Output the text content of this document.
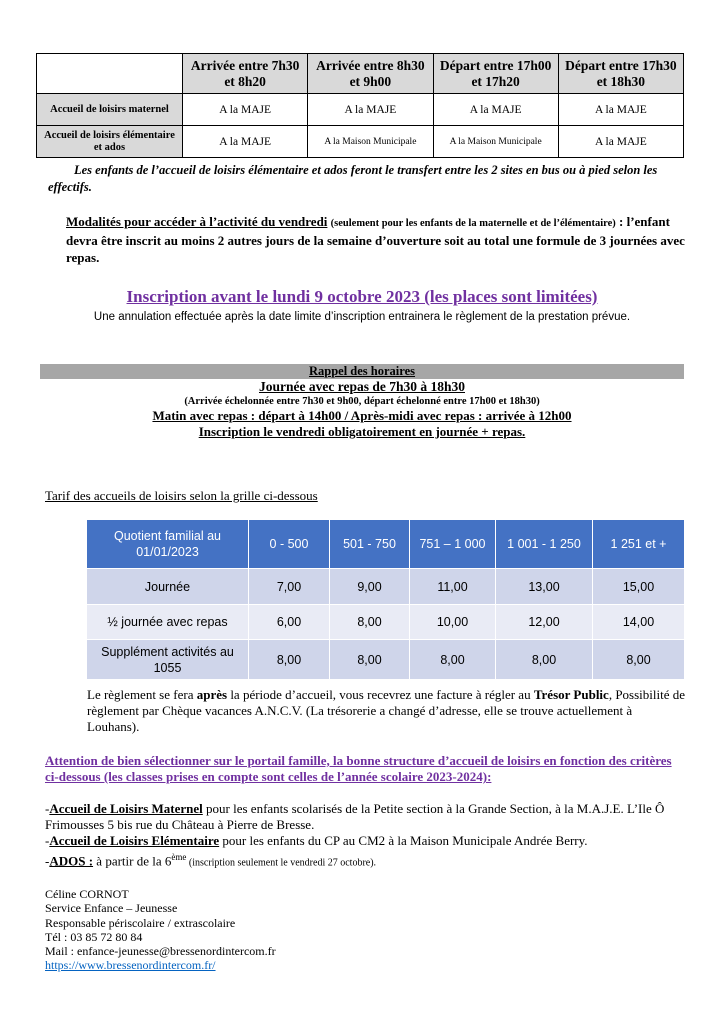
	Arrivée entre 7h30 et 8h20	Arrivée entre 8h30 et 9h00	Départ entre 17h00 et 17h20	Départ entre 17h30 et 18h30
Accueil de loisirs maternel	A la MAJE	A la MAJE	A la MAJE	A la MAJE
Accueil de loisirs élémentaire et ados	A la MAJE	A la Maison Municipale	A la Maison Municipale	A la MAJE
Les enfants de l’accueil de loisirs élémentaire et ados feront le transfert entre les 2 sites en bus ou à pied selon les effectifs.
Modalités pour accéder à l’activité du vendredi (seulement pour les enfants de la maternelle et de l’élémentaire) : l’enfant devra être inscrit au moins 2 autres jours de la semaine d’ouverture soit au total une formule de 3 journées avec repas.
Inscription avant le lundi 9 octobre 2023 (les places sont limitées)
Une annulation effectuée après la date limite d’inscription entrainera le règlement de la prestation prévue.
Rappel des horaires
Journée avec repas de 7h30 à 18h30
(Arrivée échelonnée entre 7h30 et 9h00, départ échelonné entre 17h00 et 18h30)
Matin avec repas : départ à 14h00 / Après-midi avec repas : arrivée à 12h00
Inscription le vendredi obligatoirement en journée + repas.
Tarif des accueils de loisirs selon la grille ci-dessous
Quotient familial au 01/01/2023	0 - 500	501 - 750	751 – 1 000	1 001 - 1 250	1 251 et +
Journée	7,00	9,00	11,00	13,00	15,00
½ journée avec repas	6,00	8,00	10,00	12,00	14,00
Supplément activités au 1055	8,00	8,00	8,00	8,00	8,00
Le règlement se fera après la période d’accueil, vous recevrez une facture à régler au Trésor Public, Possibilité de règlement par Chèque vacances A.N.C.V. (La trésorerie a changé d’adresse, elle se trouve actuellement à Louhans).
Attention de bien sélectionner sur le portail famille, la bonne structure d’accueil de loisirs en fonction des critères ci-dessous (les classes prises en compte sont celles de l’année scolaire 2023-2024):
-Accueil de Loisirs Maternel pour les enfants scolarisés de la Petite section à la Grande Section, à la M.A.J.E. L’Ile Ô Frimousses 5 bis rue du Château à Pierre de Bresse.
-Accueil de Loisirs Elémentaire pour les enfants du CP au CM2 à la Maison Municipale Andrée Berry.
-ADOS : à partir de la 6ème (inscription seulement le vendredi 27 octobre).
Céline CORNOT
Service Enfance – Jeunesse
Responsable périscolaire / extrascolaire
Tél : 03 85 72 80 84
Mail : enfance-jeunesse@bressenordintercom.fr
https://www.bressenordintercom.fr/
